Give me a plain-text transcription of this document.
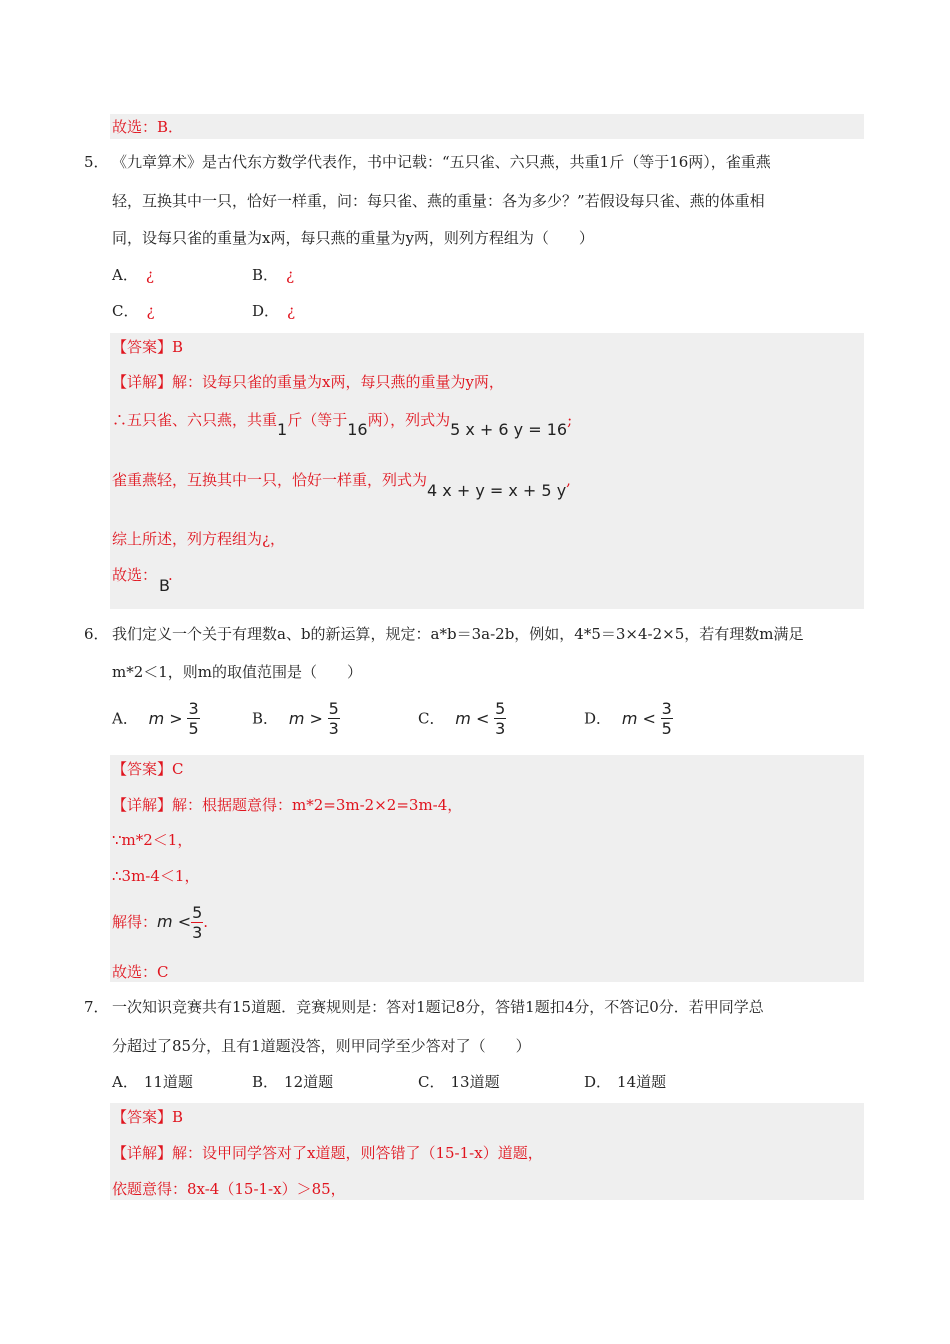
故选：B．
5． 《九章算术》是古代东方数学代表作，书中记载：“五只雀、六只燕，共重1斤（等于16两），雀重燕
轻，互换其中一只，恰好一样重，问：每只雀、燕的重量：各为多少？”若假设每只雀、燕的体重相
同，设每只雀的重量为x两，每只燕的重量为y两，则列方程组为（　　）
A． ¿	B． ¿
C． ¿	D． ¿
【答案】B
【详解】解：设每只雀的重量为x两，每只燕的重量为y两，
∴五只雀、六只燕，共重1斤（等于16两），列式为5 x + 6 y = 16;
雀重燕轻，互换其中一只，恰好一样重，列式为4 x + y = x + 5 y,
综上所述，列方程组为¿，
故选：B.
6． 我们定义一个关于有理数a、b的新运算，规定：a*b＝3a-2b，例如，4*5＝3×4-2×5，若有理数m满足
m*2＜1，则m的取值范围是（　　）
A． $m > \frac{3}{5}$	B． $m > \frac{5}{3}$	C． $m < \frac{5}{3}$	D． $m < \frac{3}{5}$
【答案】C
【详解】解：根据题意得：m*2=3m-2×2=3m-4，
∵m*2＜1，
∴3m-4＜1，
解得：$m < \frac{5}{3}$ .
故选：C
7． 一次知识竞赛共有15道题．竞赛规则是：答对1题记8分，答错1题扣4分，不答记0分．若甲同学总
分超过了85分，且有1道题没答，则甲同学至少答对了（　　）
A． 11道题	B． 12道题	C． 13道题	D． 14道题
【答案】B
【详解】解：设甲同学答对了x道题，则答错了（15-1-x）道题，
依题意得：8x-4（15-1-x）＞85，
